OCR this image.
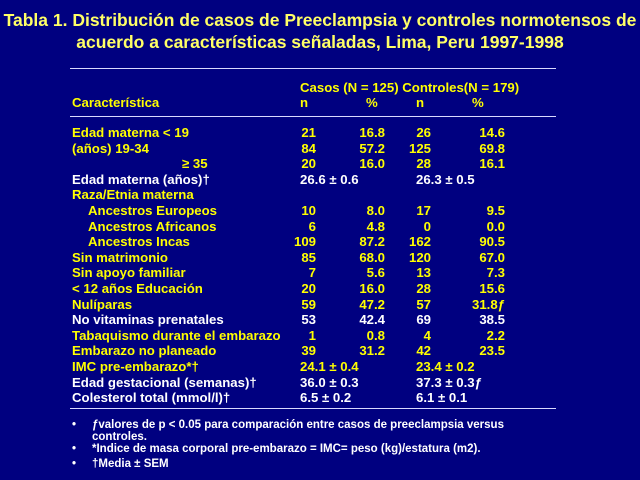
Tabla 1. Distribución de casos de Preeclampsia y controles normotensos de
acuerdo a características señaladas, Lima, Peru 1997-1998
Casos (N = 125) Controles(N = 179)
Característica	n	%	n	%
Edad materna < 19	21	16.8	26	14.6
(años) 19-34	84	57.2	125	69.8
≥ 35	20	16.0	28	16.1
Edad materna (años)†	26.6 ± 0.6	26.3 ± 0.5
Raza/Etnia materna
Ancestros Europeos	10	8.0	17	9.5
Ancestros Africanos	6	4.8	0	0.0
Ancestros Incas	109	87.2	162	90.5
Sin matrimonio	85	68.0	120	67.0
Sin apoyo familiar	7	5.6	13	7.3
< 12 años Educación	20	16.0	28	15.6
Nulíparas	59	47.2	57	31.8ƒ
No vitaminas prenatales	53	42.4	69	38.5
Tabaquismo durante el embarazo	1	0.8	4	2.2
Embarazo no planeado	39	31.2	42	23.5
IMC pre-embarazo*†	24.1 ± 0.4	23.4 ± 0.2
Edad gestacional (semanas)†	36.0 ± 0.3	37.3 ± 0.3ƒ
Colesterol total (mmol/l)†	6.5 ± 0.2	6.1 ± 0.1
• ƒvalores de p < 0.05 para comparación entre casos de preeclampsia versus controles.
• *Indice de masa corporal pre-embarazo = IMC= peso (kg)/estatura (m2).
• †Media ± SEM
